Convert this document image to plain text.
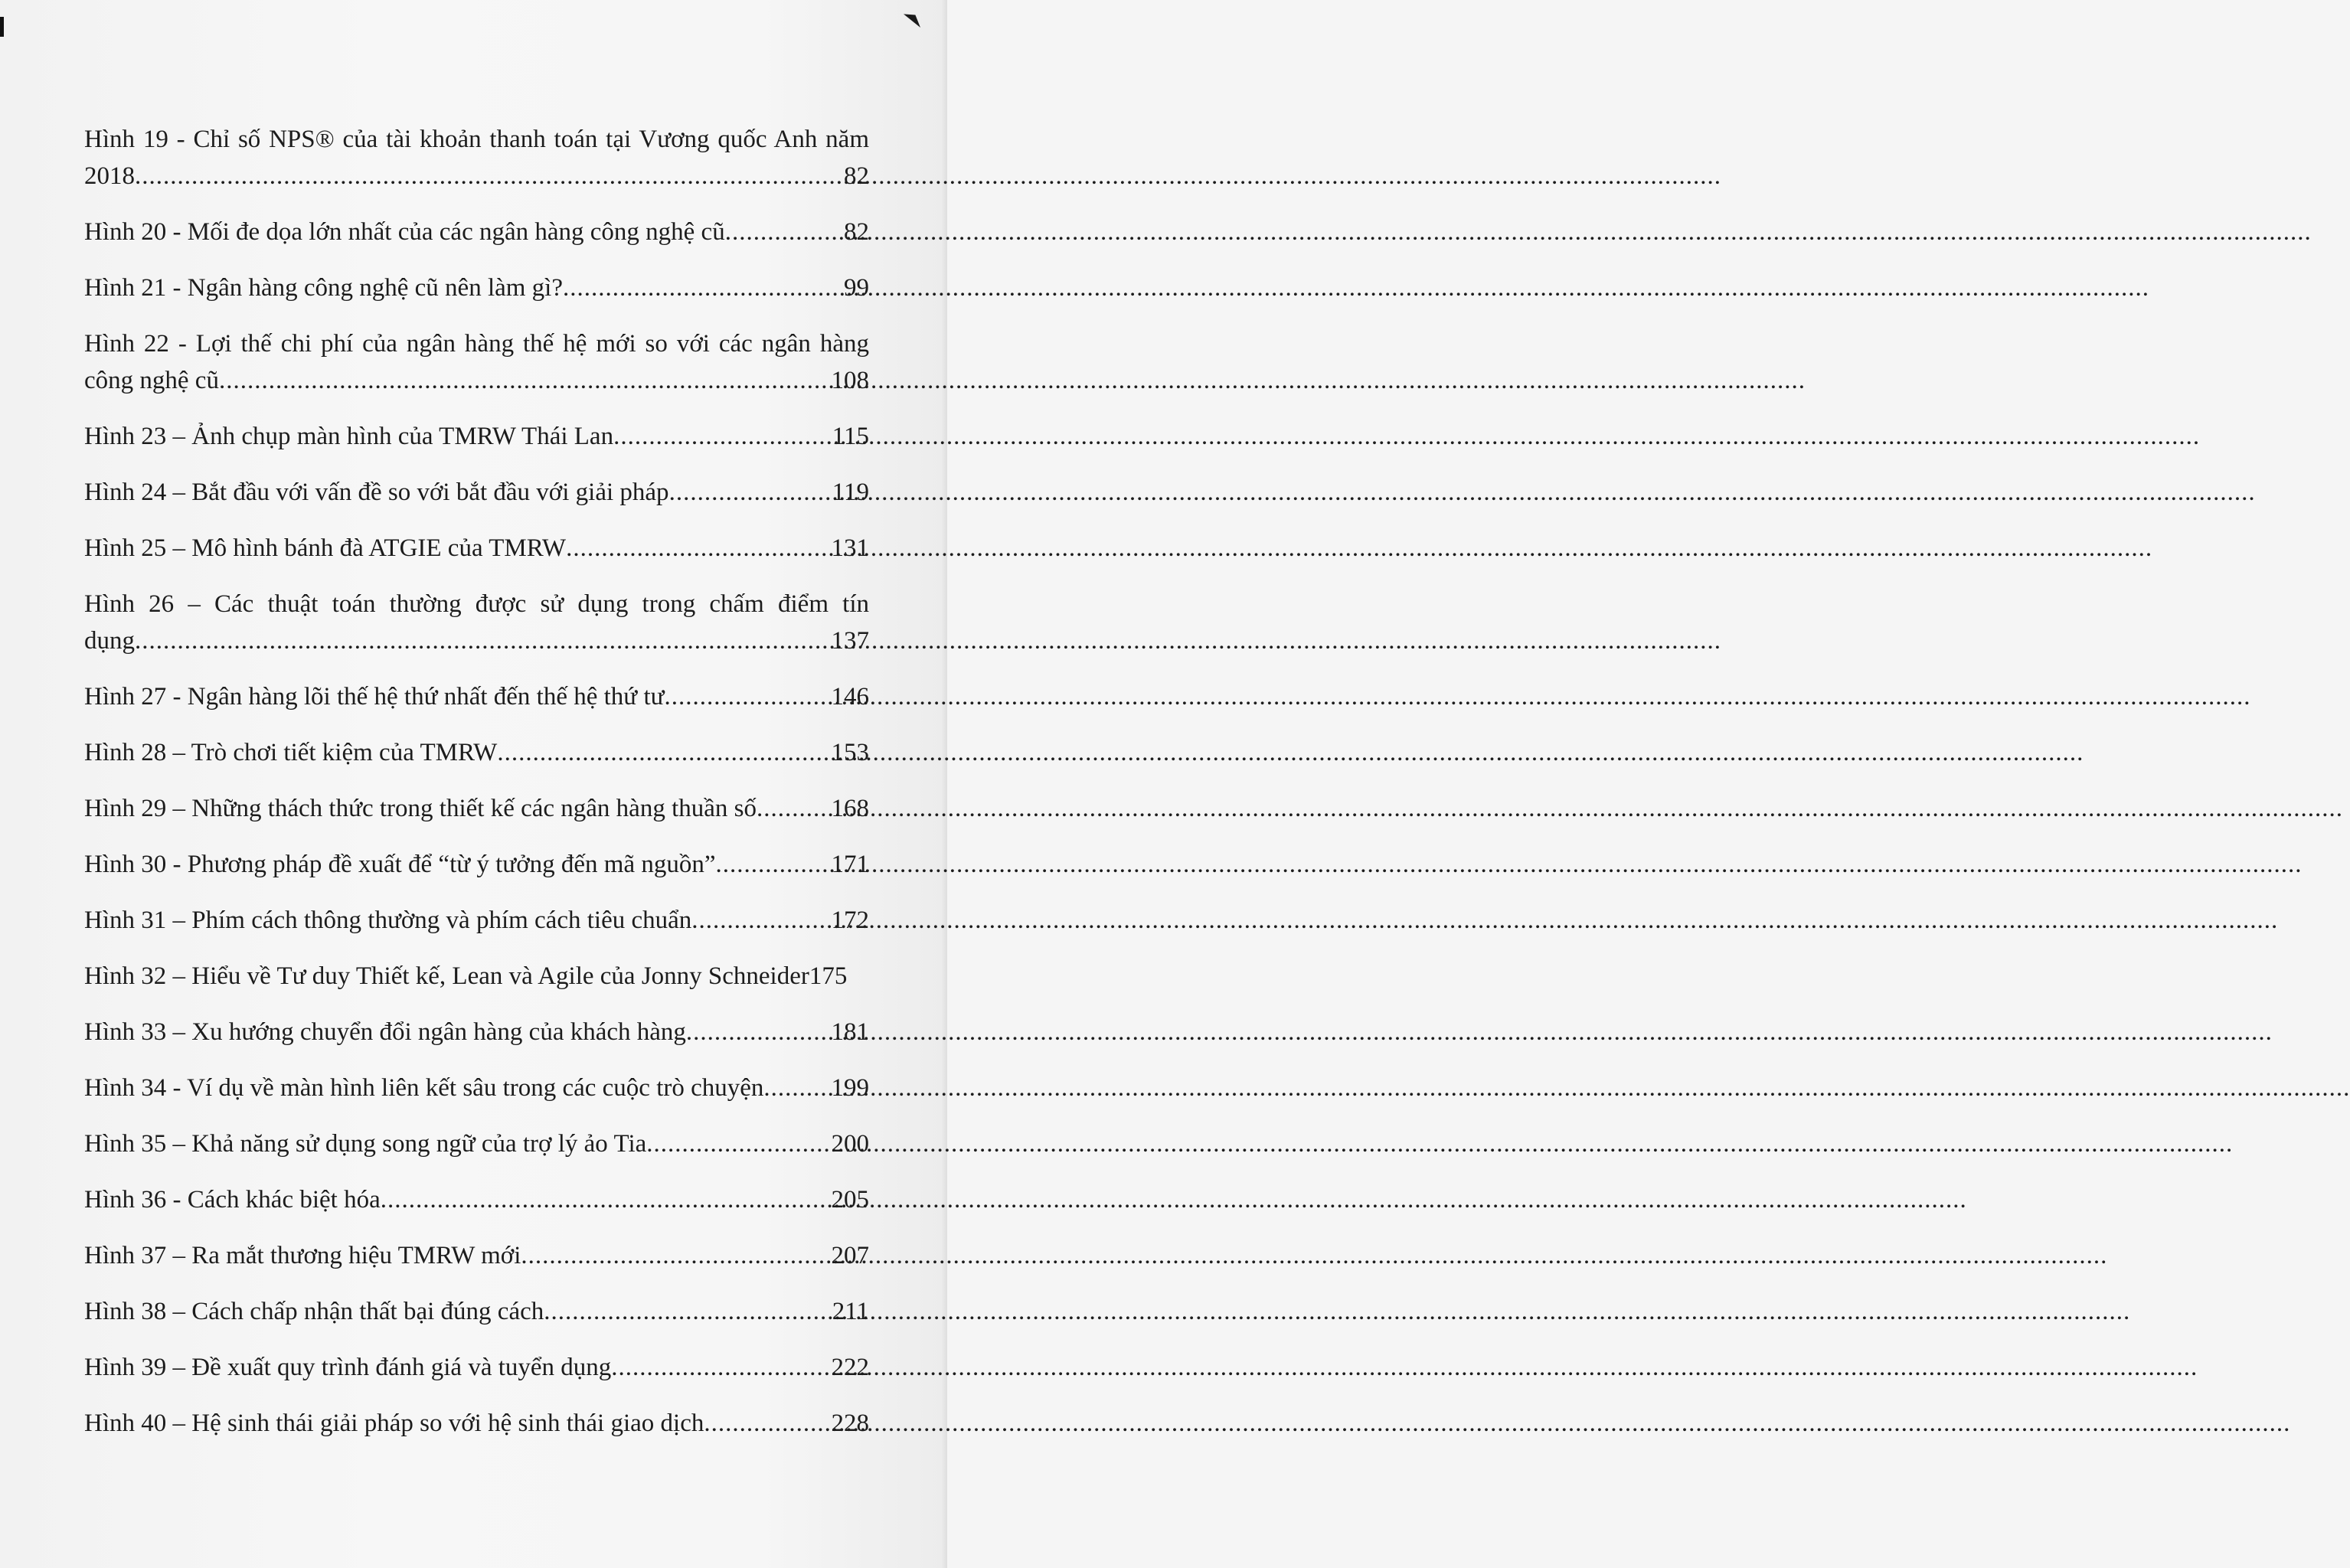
Hình 19 - Chỉ số NPS® của tài khoản thanh toán tại Vương quốc Anh năm
2018 .....	82
Hình 20 - Mối đe dọa lớn nhất của các ngân hàng công nghệ cũ .....	82
Hình 21 - Ngân hàng công nghệ cũ nên làm gì? .....	99
Hình 22 - Lợi thế chi phí của ngân hàng thế hệ mới so với các ngân hàng
công nghệ cũ .....	108
Hình 23 – Ảnh chụp màn hình của TMRW Thái Lan .....	115
Hình 24 – Bắt đầu với vấn đề so với bắt đầu với giải pháp .....	119
Hình 25 – Mô hình bánh đà ATGIE của TMRW .....	131
Hình 26 – Các thuật toán thường được sử dụng trong chấm điểm tín
dụng .....	137
Hình 27 - Ngân hàng lõi thế hệ thứ nhất đến thế hệ thứ tư .....	146
Hình 28 – Trò chơi tiết kiệm của TMRW .....	153
Hình 29 – Những thách thức trong thiết kế các ngân hàng thuần số .....	168
Hình 30 - Phương pháp đề xuất để “từ ý tưởng đến mã nguồn” .....	171
Hình 31 – Phím cách thông thường và phím cách tiêu chuẩn .....	172
Hình 32 – Hiểu về Tư duy Thiết kế, Lean và Agile của Jonny Schneider 175
Hình 33 – Xu hướng chuyển đổi ngân hàng của khách hàng .....	181
Hình 34 - Ví dụ về màn hình liên kết sâu trong các cuộc trò chuyện .....	199
Hình 35 – Khả năng sử dụng song ngữ của trợ lý ảo Tia .....	200
Hình 36 - Cách khác biệt hóa .....	205
Hình 37 – Ra mắt thương hiệu TMRW mới .....	207
Hình 38 – Cách chấp nhận thất bại đúng cách .....	211
Hình 39 – Đề xuất quy trình đánh giá và tuyển dụng .....	222
Hình 40 – Hệ sinh thái giải pháp so với hệ sinh thái giao dịch .....	228
